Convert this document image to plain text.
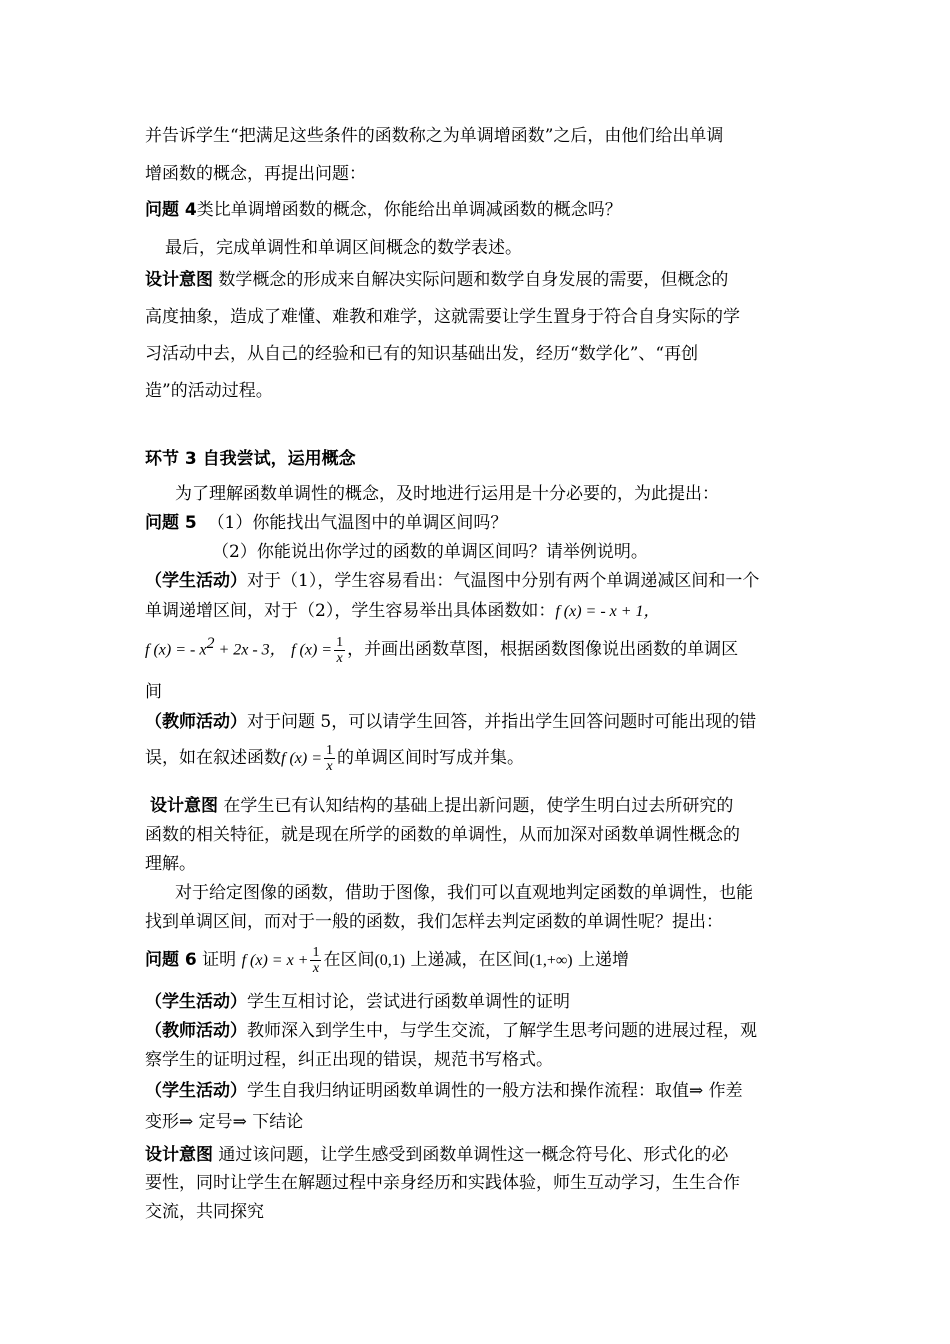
并告诉学生“把满足这些条件的函数称之为单调增函数”之后，由他们给出单调
增函数的概念，再提出问题：
问题 4类比单调增函数的概念，你能给出单调减函数的概念吗？
最后，完成单调性和单调区间概念的数学表述。
设计意图 数学概念的形成来自解决实际问题和数学自身发展的需要，但概念的
高度抽象，造成了难懂、难教和难学，这就需要让学生置身于符合自身实际的学
习活动中去，从自己的经验和已有的知识基础出发，经历“数学化”、“再创
造”的活动过程。
环节 3 自我尝试，运用概念
为了理解函数单调性的概念，及时地进行运用是十分必要的，为此提出：
问题 5 （1）你能找出气温图中的单调区间吗？
（2）你能说出你学过的函数的单调区间吗？请举例说明。
（学生活动）对于（1），学生容易看出：气温图中分别有两个单调递减区间和一个
单调递增区间，对于（2），学生容易举出具体函数如：f (x) = - x + 1，
f (x) = - $x^2 + 2x - 3$， f $(x) = \frac{1}{x}$ ，并画出函数草图，根据函数图像说出函数的单调区
间
（教师活动）对于问题 5，可以请学生回答，并指出学生回答问题时可能出现的错
误，如在叙述函数f $(x) = \frac{1}{x}$ 的单调区间时写成并集。
设计意图 在学生已有认知结构的基础上提出新问题，使学生明白过去所研究的
函数的相关特征，就是现在所学的函数的单调性，从而加深对函数单调性概念的
理解。
对于给定图像的函数，借助于图像，我们可以直观地判定函数的单调性，也能
找到单调区间，而对于一般的函数，我们怎样去判定函数的单调性呢？提出：
问题 6 证明 f $(x) = x + \frac{1}{x}$ 在区间(0,1) 上递减，在区间(1,+∞) 上递增
（学生活动）学生互相讨论，尝试进行函数单调性的证明
（教师活动）教师深入到学生中，与学生交流，了解学生思考问题的进展过程，观
察学生的证明过程，纠正出现的错误，规范书写格式。
（学生活动）学生自我归纳证明函数单调性的一般方法和操作流程：取值⇒ 作差
变形⇒ 定号⇒ 下结论
设计意图 通过该问题，让学生感受到函数单调性这一概念符号化、形式化的必
要性，同时让学生在解题过程中亲身经历和实践体验，师生互动学习，生生合作
交流，共同探究
